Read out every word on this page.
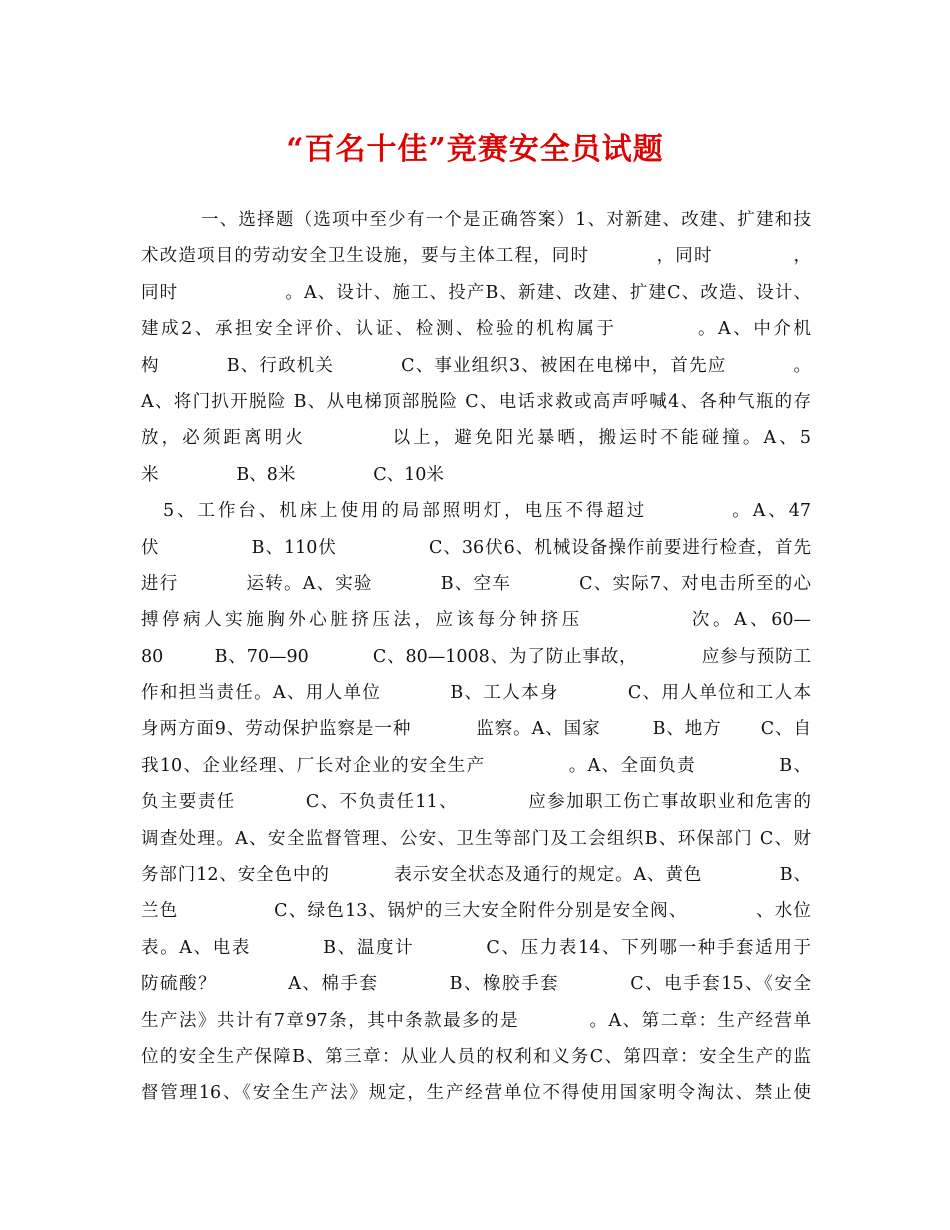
“百名十佳”竞赛安全员试题
一、选择题（选项中至少有一个是正确答案）1、对新建、改建、扩建和技
术改造项目的劳动安全卫生设施，要与主体工程，同时          ，同时            ，
同时                。A、设计、施工、投产B、新建、改建、扩建C、改造、设计、
建成2、承担安全评价、认证、检测、检验的机构属于          。A、中介机
构          B、行政机关          C、事业组织3、被困在电梯中，首先应          。
A、将门扒开脱险 B、从电梯顶部脱险 C、电话求救或高声呼喊4、各种气瓶的存
放，必须距离明火          以上，避免阳光暴晒，搬运时不能碰撞。A、5
米              B、8米              C、10米
5、工作台、机床上使用的局部照明灯，电压不得超过          。A、47
伏              B、110伏              C、36伏6、机械设备操作前要进行检查，首先
进行          运转。A、实验          B、空车          C、实际7、对电击所至的心
搏停病人实施胸外心脏挤压法，应该每分钟挤压            次。A、60—
80        B、70—90          C、80—1008、为了防止事故，          应参与预防工
作和担当责任。A、用人单位          B、工人本身          C、用人单位和工人本
身两方面9、劳动保护监察是一种          监察。A、国家        B、地方      C、自
我10、企业经理、厂长对企业的安全生产            。A、全面负责            B、
负主要责任          C、不负责任11、          应参加职工伤亡事故职业和危害的
调查处理。A、安全监督管理、公安、卫生等部门及工会组织B、环保部门 C、财
务部门12、安全色中的          表示安全状态及通行的规定。A、黄色            B、
兰色              C、绿色13、锅炉的三大安全附件分别是安全阀、          、水位
表。A、电表          B、温度计          C、压力表14、下列哪一种手套适用于
防硫酸？          A、棉手套          B、橡胶手套          C、电手套15、《安全
生产法》共计有7章97条，其中条款最多的是          。A、第二章：生产经营单
位的安全生产保障B、第三章：从业人员的权利和义务C、第四章：安全生产的监
督管理16、《安全生产法》规定，生产经营单位不得使用国家明令淘汰、禁止使
